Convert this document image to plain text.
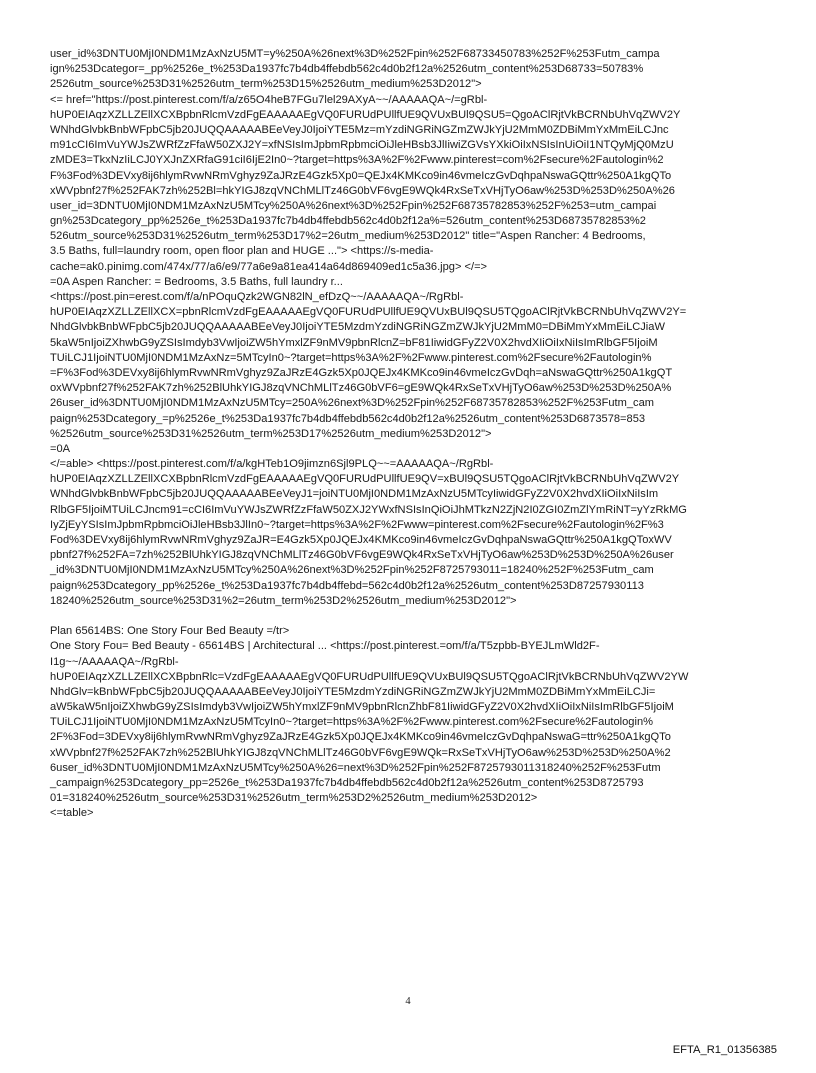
user_id%3DNTU0MjI0NDM1MzAxNzU5MT=y%250A%26next%3D%252Fpin%252F68733450783%252F%253Futm_campa
ign%253Dcategor=_pp%2526e_t%253Da1937fc7b4db4ffebdb562c4d0b2f12a%2526utm_content%253D68733=50783%
2526utm_source%253D31%2526utm_term%253D15%2526utm_medium%253D2012">
<= href="https://post.pinterest.com/f/a/z65O4heB7FGu7lel29AXyA~~/AAAAAQA~/=gRbl-
hUP0EIAqzXZLLZEllXCXBpbnRlcmVzdFgEAAAAAEgVQ0FURUdPUllfUE9QVUxBUl9QSU5=QgoAClRjtVkBCRNbUhVqZWV2Y
WNhdGlvbkBnbWFpbC5jb20JUQQAAAAABEeVeyJ0IjoiYTE5Mz=mYzdiNGRiNGZmZWJkYjU2MmM0ZDBiMmYxMmEiLCJnc
m91cCI6ImVuYWJsZWRfZzFfaW50ZXJ2Y=xfNSIsImJpbmRpbmciOiJleHBsb3JlIiwiZGVsYXkiOiIxNSIsInUiOiI1NTQyMjQ0MzU
zMDE3=TkxNzIiLCJ0YXJnZXRfaG91ciI6IjE2In0~?target=https%3A%2F%2Fwww.pinterest=com%2Fsecure%2Fautologin%2
F%3Fod%3DEVxy8ij6hlymRvwNRmVghyz9ZaJRzE4Gzk5Xp0=QEJx4KMKco9in46vmeIczGvDqhpaNswaGQttr%250A1kgQTo
xWVpbnf27f%252FAK7zh%252Bl=hkYIGJ8zqVNChMLlTz46G0bVF6vgE9WQk4RxSeTxVHjTyO6aw%253D%253D%250A%26
user_id=3DNTU0MjI0NDM1MzAxNzU5MTcy%250A%26next%3D%252Fpin%252F68735782853%252F%253=utm_campai
gn%253Dcategory_pp%2526e_t%253Da1937fc7b4db4ffebdb562c4d0b2f12a%=526utm_content%253D68735782853%2
526utm_source%253D31%2526utm_term%253D17%2=26utm_medium%253D2012" title="Aspen Rancher: 4 Bedrooms,
3.5 Baths, full=laundry room, open floor plan and HUGE ..."> <https://s-media-
cache=ak0.pinimg.com/474x/77/a6/e9/77a6e9a81ea414a64d869409ed1c5a36.jpg> </=>
=0A Aspen Rancher: = Bedrooms, 3.5 Baths, full laundry r...
<https://post.pin=erest.com/f/a/nPOquQzk2WGN82lN_efDzQ~~/AAAAAQA~/RgRbl-
hUP0EIAqzXZLLZEllXCX=pbnRlcmVzdFgEAAAAAEgVQ0FURUdPUllfUE9QVUxBUl9QSU5TQgoAClRjtVkBCRNbUhVqZWV2Y=
NhdGlvbkBnbWFpbC5jb20JUQQAAAAABEeVeyJ0IjoiYTE5MzdmYzdiNGRiNGZmZWJkYjU2MmM0=DBiMmYxMmEiLCJiaW
5kaW5nIjoiZXhwbG9yZSIsImdyb3VwIjoiZW5hYmxlZF9nMV9pbnRlcnZ=bF81IiwidGFyZ2V0X2hvdXIiOiIxNiIsImRlbGF5IjoiM
TUiLCJ1IjoiNTU0MjI0NDM1MzAxNz=5MTcyIn0~?target=https%3A%2F%2Fwww.pinterest.com%2Fsecure%2Fautologin%
=F%3Fod%3DEVxy8ij6hlymRvwNRmVghyz9ZaJRzE4Gzk5Xp0JQEJx4KMKco9in46vmeIczGvDqh=aNswaGQttr%250A1kgQT
oxWVpbnf27f%252FAK7zh%252BlUhkYIGJ8zqVNChMLlTz46G0bVF6=gE9WQk4RxSeTxVHjTyO6aw%253D%253D%250A%
26user_id%3DNTU0MjI0NDM1MzAxNzU5MTcy=250A%26next%3D%252Fpin%252F68735782853%252F%253Futm_cam
paign%253Dcategory_=p%2526e_t%253Da1937fc7b4db4ffebdb562c4d0b2f12a%2526utm_content%253D6873578=853
%2526utm_source%253D31%2526utm_term%253D17%2526utm_medium%253D2012">
=0A
</=able> <https://post.pinterest.com/f/a/kgHTeb1O9jimzn6Sjl9PLQ~~=AAAAAQA~/RgRbl-
hUP0EIAqzXZLLZEllXCXBpbnRlcmVzdFgEAAAAAEgVQ0FURUdPUllfUE9QV=xBUl9QSU5TQgoAClRjtVkBCRNbUhVqZWV2Y
WNhdGlvbkBnbWFpbC5jb20JUQQAAAAABEeVeyJ1=joiNTU0MjI0NDM1MzAxNzU5MTcyIiwidGFyZ2V0X2hvdXIiOiIxNiIsIm
RlbGF5IjoiMTUiLCJncm91=cCI6ImVuYWJsZWRfZzFfaW50ZXJ2YWxfNSIsInQiOiJhMTkzN2ZjN2I0ZGI0ZmZlYmRiNT=yYzRkMG
IyZjEyYSIsImJpbmRpbmciOiJleHBsb3JlIn0~?target=https%3A%2F%2Fwww=pinterest.com%2Fsecure%2Fautologin%2F%3
Fod%3DEVxy8ij6hlymRvwNRmVghyz9ZaJR=E4Gzk5Xp0JQEJx4KMKco9in46vmeIczGvDqhpaNswaGQttr%250A1kgQToxWV
pbnf27f%252FA=7zh%252BlUhkYIGJ8zqVNChMLlTz46G0bVF6vgE9WQk4RxSeTxVHjTyO6aw%253D%253D%250A%26user
_id%3DNTU0MjI0NDM1MzAxNzU5MTcy%250A%26next%3D%252Fpin%252F8725793011=18240%252F%253Futm_cam
paign%253Dcategory_pp%2526e_t%253Da1937fc7b4db4ffebd=562c4d0b2f12a%2526utm_content%253D87257930113
18240%2526utm_source%253D31%2=26utm_term%253D2%2526utm_medium%253D2012">
Plan 65614BS: One Story Four Bed Beauty =/tr>
One Story Fou= Bed Beauty - 65614BS | Architectural ... <https://post.pinterest.=om/f/a/T5zpbb-BYEJLmWld2F-
I1g~~/AAAAAQA~/RgRbl-
hUP0EIAqzXZLLZEllXCXBpbnRlc=VzdFgEAAAAAEgVQ0FURUdPUllfUE9QVUxBUl9QSU5TQgoAClRjtVkBCRNbUhVqZWV2YW
NhdGlv=kBnbWFpbC5jb20JUQQAAAAABEeVeyJ0IjoiYTE5MzdmYzdiNGRiNGZmZWJkYjU2MmM0ZDBiMmYxMmEiLCJi=
aW5kaW5nIjoiZXhwbG9yZSIsImdyb3VwIjoiZW5hYmxlZF9nMV9pbnRlcnZhbF81IiwidGFyZ2V0X2hvdXIiOiIxNiIsImRlbGF5IjoiM
TUiLCJ1IjoiNTU0MjI0NDM1MzAxNzU5MTcyIn0~?target=https%3A%2F%2Fwww.pinterest.com%2Fsecure%2Fautologin%
2F%3Fod=3DEVxy8ij6hlymRvwNRmVghyz9ZaJRzE4Gzk5Xp0JQEJx4KMKco9in46vmeIczGvDqhpaNswaG=ttr%250A1kgQTo
xWVpbnf27f%252FAK7zh%252BlUhkYIGJ8zqVNChMLlTz46G0bVF6vgE9WQk=RxSeTxVHjTyO6aw%253D%253D%250A%2
6user_id%3DNTU0MjI0NDM1MzAxNzU5MTcy%250A%26=next%3D%252Fpin%252F8725793011318240%252F%253Futm
_campaign%253Dcategory_pp=2526e_t%253Da1937fc7b4db4ffebdb562c4d0b2f12a%2526utm_content%253D8725793
01=318240%2526utm_source%253D31%2526utm_term%253D2%2526utm_medium%253D2012>
<=table>
4
EFTA_R1_01356385
